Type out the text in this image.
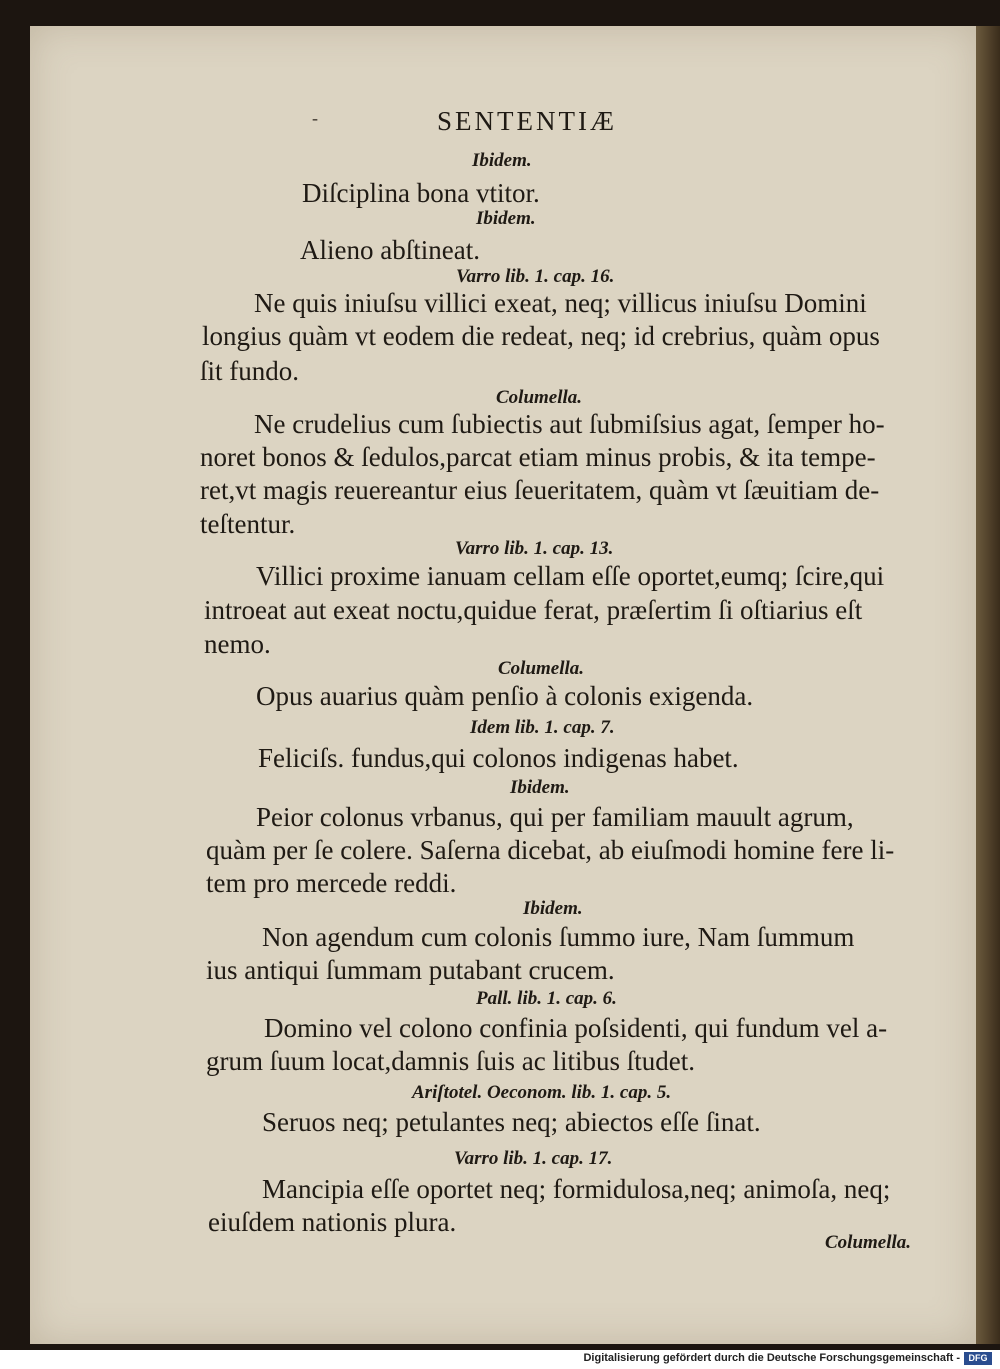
-	SENTENTIÆ
Ibidem.
Diſciplina bona vtitor.
Ibidem.
Alieno abſtineat.
Varro lib. 1. cap. 16.
Ne quis iniuſsu villici exeat, neq; villicus iniuſsu Domini
longius quàm vt eodem die redeat, neq; id crebrius, quàm opus
ſit fundo.
Columella.
Ne crudelius cum ſubiectis aut ſubmiſsius agat, ſemper ho-
noret bonos & ſedulos,parcat etiam minus probis, & ita tempe-
ret,vt magis reuereantur eius ſeueritatem, quàm vt ſæuitiam de-
teſtentur.
Varro lib. 1. cap. 13.
Villici proxime ianuam cellam eſſe oportet,eumq; ſcire,qui
introeat aut exeat noctu,quidue ferat, præſertim ſi oſtiarius eſt
nemo.
Columella.
Opus auarius quàm penſio à colonis exigenda.
Idem lib. 1. cap. 7.
Feliciſs. fundus,qui colonos indigenas habet.
Ibidem.
Peior colonus vrbanus, qui per familiam mauult agrum,
quàm per ſe colere. Saſerna dicebat, ab eiuſmodi homine fere li-
tem pro mercede reddi.
Ibidem.
Non agendum cum colonis ſummo iure, Nam ſummum
ius antiqui ſummam putabant crucem.
Pall. lib. 1. cap. 6.
Domino vel colono confinia poſsidenti, qui fundum vel a-
grum ſuum locat,damnis ſuis ac litibus ſtudet.
Ariſtotel. Oeconom. lib. 1. cap. 5.
Seruos neq; petulantes neq; abiectos eſſe ſinat.
Varro lib. 1. cap. 17.
Mancipia eſſe oportet neq; formidulosa,neq; animoſa, neq;
eiuſdem nationis plura.
Columella.
Digitalisierung gefördert durch die Deutsche Forschungsgemeinschaft - DFG
